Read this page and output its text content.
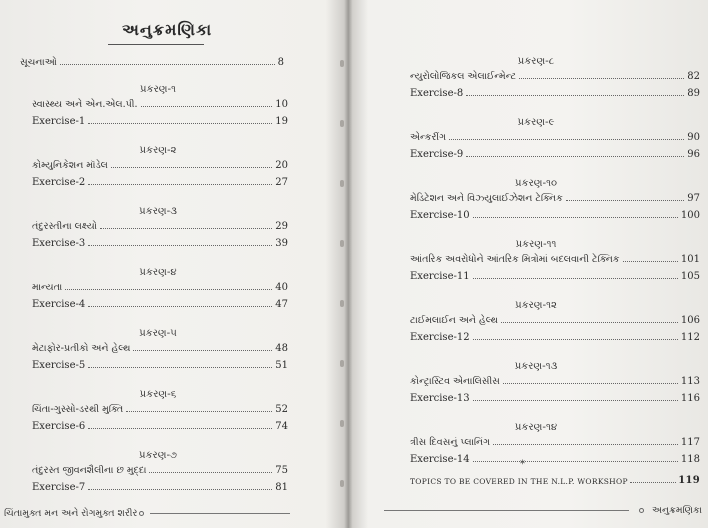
અનુક્રમણિકા
સૂચનાઓ	8
પ્રકરણ-૧
સ્વાસ્થ્ય અને એન.એલ.પી.	10
Exercise-1	19
પ્રકરણ-૨
કોમ્યુનિકેશન મૉડેલ	20
Exercise-2	27
પ્રકરણ-૩
તંદુરસ્તીના લક્ષ્યો	29
Exercise-3	39
પ્રકરણ-૪
માન્યતા	40
Exercise-4	47
પ્રકરણ-૫
મેટાફોર-પ્રતીકો અને હેલ્થ	48
Exercise-5	51
પ્રકરણ-૬
ચિંતા-ગુસ્સો-ડરથી મુક્તિ	52
Exercise-6	74
પ્રકરણ-૭
તંદુરસ્ત જીવનશૈલીના છ મુદ્દા	75
Exercise-7	81
ચિંતામુક્ત મન અને રોગમુક્ત શરીર
પ્રકરણ-૮
ન્યુરોલોજિકલ એલાઈન્મેન્ટ	82
Exercise-8	89
પ્રકરણ-૯
એન્કરીંગ	90
Exercise-9	96
પ્રકરણ-૧૦
મેડિટેશન અને વિઝ્યુલાઈઝેશન ટેક્નિક	97
Exercise-10	100
પ્રકરણ-૧૧
આંતરિક અવરોધોને આંતરિક મિત્રોમાં બદલવાની ટેક્નિક	101
Exercise-11	105
પ્રકરણ-૧૨
ટાઈમલાઈન અને હેલ્થ	106
Exercise-12	112
પ્રકરણ-૧૩
કોન્ટ્રાસ્ટિવ એનાલિસીસ	113
Exercise-13	116
પ્રકરણ-૧૪
ત્રીસ દિવસનું પ્લાનિંગ	117
Exercise-14	118
*
TOPICS TO BE COVERED IN THE N.L.P. WORKSHOP	119
અનુક્રમણિકા
